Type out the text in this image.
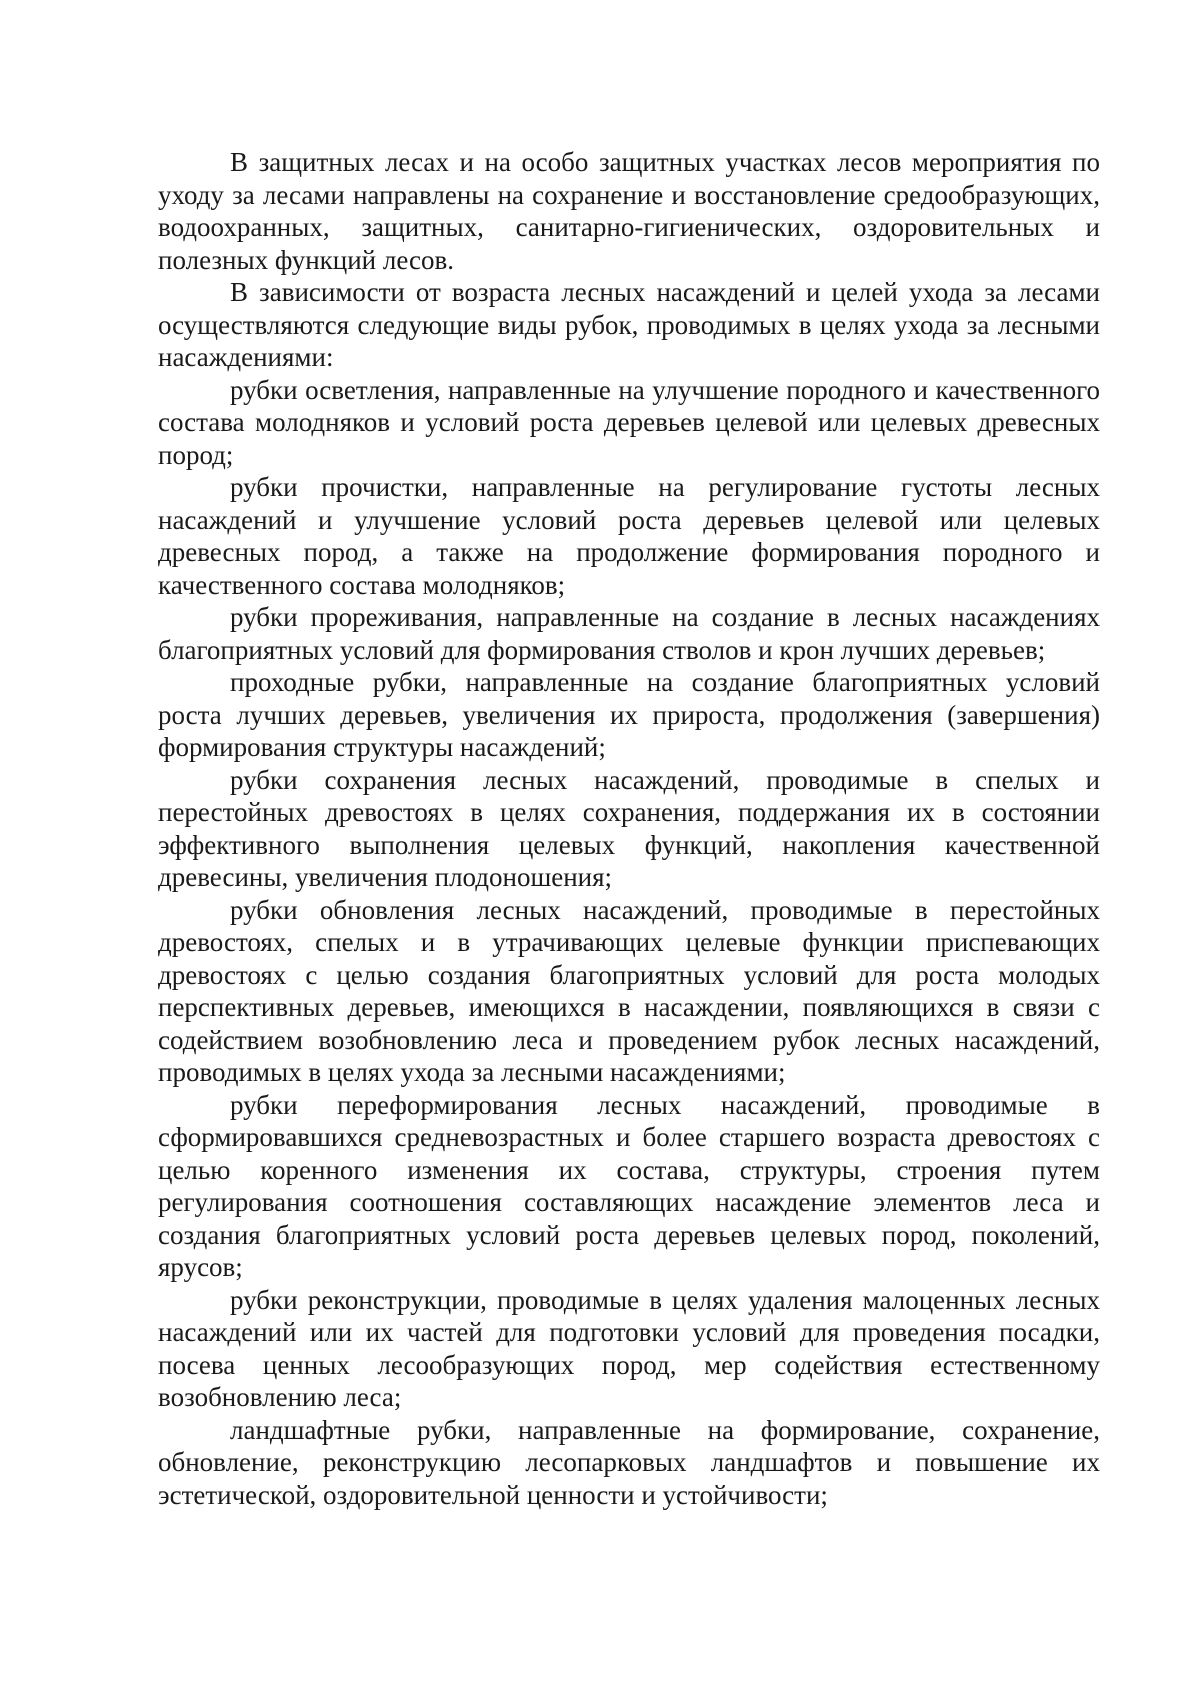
В защитных лесах и на особо защитных участках лесов мероприятия по уходу за лесами направлены на сохранение и восстановление средообразующих, водоохранных, защитных, санитарно-гигиенических, оздоровительных и полезных функций лесов.

В зависимости от возраста лесных насаждений и целей ухода за лесами осуществляются следующие виды рубок, проводимых в целях ухода за лесными насаждениями:

рубки осветления, направленные на улучшение породного и качественного состава молодняков и условий роста деревьев целевой или целевых древесных пород;

рубки прочистки, направленные на регулирование густоты лесных насаждений и улучшение условий роста деревьев целевой или целевых древесных пород, а также на продолжение формирования породного и качественного состава молодняков;

рубки прореживания, направленные на создание в лесных насаждениях благоприятных условий для формирования стволов и крон лучших деревьев;

проходные рубки, направленные на создание благоприятных условий роста лучших деревьев, увеличения их прироста, продолжения (завершения) формирования структуры насаждений;

рубки сохранения лесных насаждений, проводимые в спелых и перестойных древостоях в целях сохранения, поддержания их в состоянии эффективного выполнения целевых функций, накопления качественной древесины, увеличения плодоношения;

рубки обновления лесных насаждений, проводимые в перестойных древостоях, спелых и в утрачивающих целевые функции приспевающих древостоях с целью создания благоприятных условий для роста молодых перспективных деревьев, имеющихся в насаждении, появляющихся в связи с содействием возобновлению леса и проведением рубок лесных насаждений, проводимых в целях ухода за лесными насаждениями;

рубки переформирования лесных насаждений, проводимые в сформировавшихся средневозрастных и более старшего возраста древостоях с целью коренного изменения их состава, структуры, строения путем регулирования соотношения составляющих насаждение элементов леса и создания благоприятных условий роста деревьев целевых пород, поколений, ярусов;

рубки реконструкции, проводимые в целях удаления малоценных лесных насаждений или их частей для подготовки условий для проведения посадки, посева ценных лесообразующих пород, мер содействия естественному возобновлению леса;

ландшафтные рубки, направленные на формирование, сохранение, обновление, реконструкцию лесопарковых ландшафтов и повышение их эстетической, оздоровительной ценности и устойчивости;
